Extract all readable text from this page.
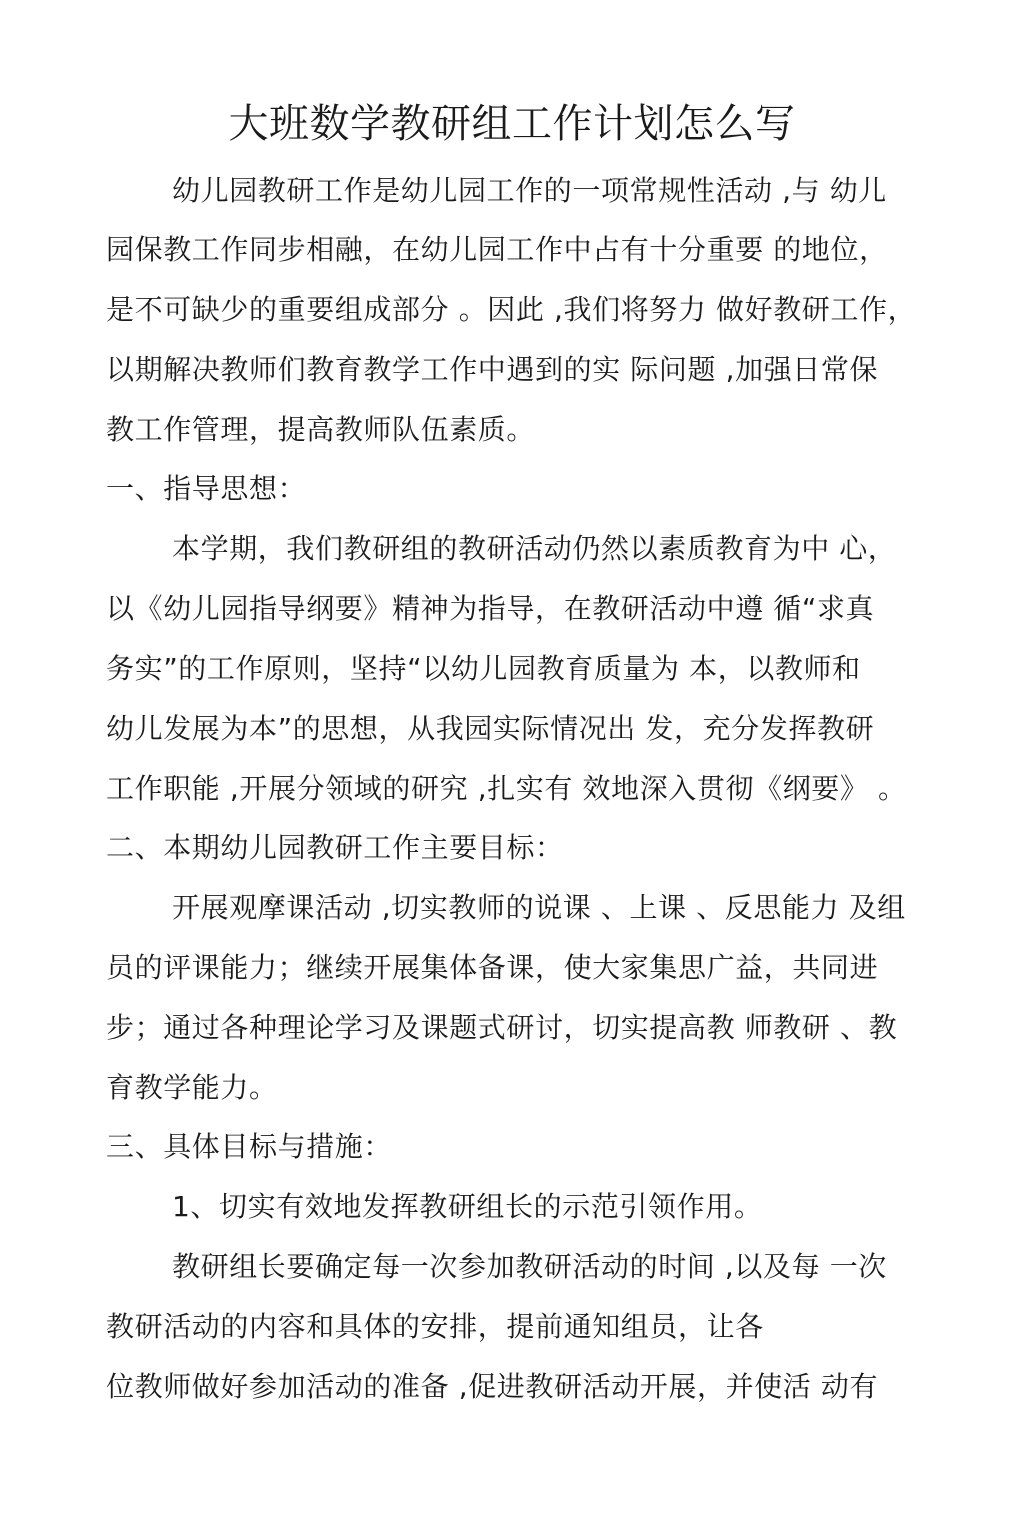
大班数学教研组工作计划怎么写
幼儿园教研工作是幼儿园工作的一项常规性活动 ,与 幼儿
园保教工作同步相融，在幼儿园工作中占有十分重要 的地位，
是不可缺少的重要组成部分 。因此 ,我们将努力 做好教研工作，
以期解决教师们教育教学工作中遇到的实 际问题 ,加强日常保
教工作管理，提高教师队伍素质。
一、指导思想：
本学期，我们教研组的教研活动仍然以素质教育为中 心，
以《幼儿园指导纲要》精神为指导，在教研活动中遵 循“求真
务实”的工作原则，坚持“以幼儿园教育质量为 本，以教师和
幼儿发展为本”的思想，从我园实际情况出 发，充分发挥教研
工作职能 ,开展分领域的研究 ,扎实有 效地深入贯彻《纲要》 。
二、本期幼儿园教研工作主要目标：
开展观摩课活动 ,切实教师的说课 、上课 、反思能力 及组
员的评课能力；继续开展集体备课，使大家集思广益，共同进
步；通过各种理论学习及课题式研讨，切实提高教 师教研 、教
育教学能力。
三、具体目标与措施：
1、切实有效地发挥教研组长的示范引领作用。
教研组长要确定每一次参加教研活动的时间 ,以及每 一次
教研活动的内容和具体的安排，提前通知组员，让各
位教师做好参加活动的准备 ,促进教研活动开展，并使活 动有
